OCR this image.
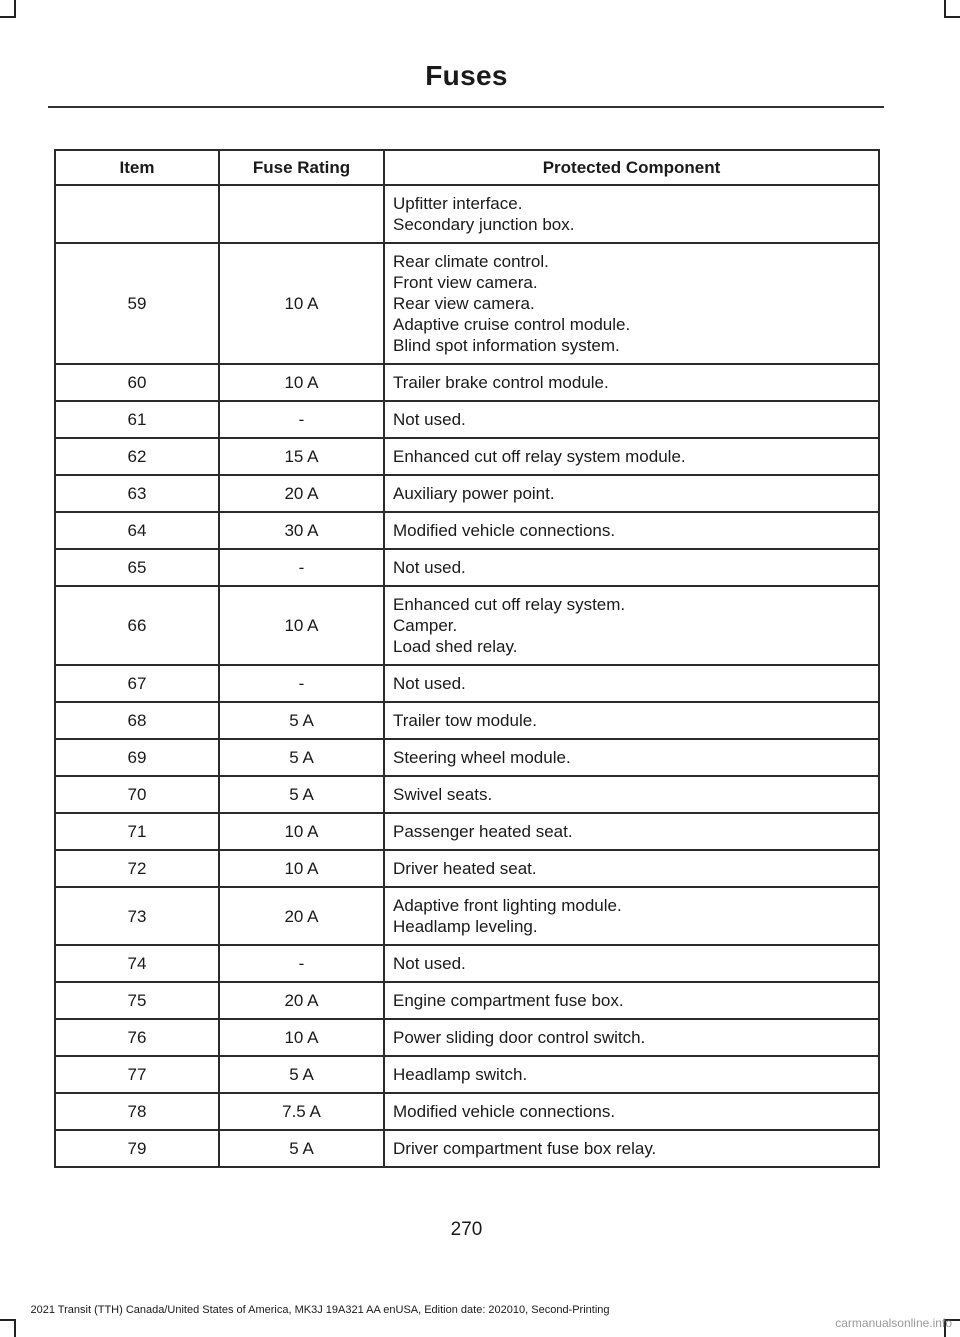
Fuses
Item	Fuse Rating	Protected Component

		Upfitter interface.
Secondary junction box.

59	10 A	Rear climate control.
Front view camera.
Rear view camera.
Adaptive cruise control module.
Blind spot information system.

60	10 A	Trailer brake control module.

61	-	Not used.

62	15 A	Enhanced cut off relay system module.

63	20 A	Auxiliary power point.

64	30 A	Modified vehicle connections.

65	-	Not used.

66	10 A	Enhanced cut off relay system.
Camper.
Load shed relay.

67	-	Not used.

68	5 A	Trailer tow module.

69	5 A	Steering wheel module.

70	5 A	Swivel seats.

71	10 A	Passenger heated seat.

72	10 A	Driver heated seat.

73	20 A	Adaptive front lighting module.
Headlamp leveling.

74	-	Not used.

75	20 A	Engine compartment fuse box.

76	10 A	Power sliding door control switch.

77	5 A	Headlamp switch.

78	7.5 A	Modified vehicle connections.

79	5 A	Driver compartment fuse box relay.
270
2021 Transit (TTH) Canada/United States of America, MK3J 19A321 AA enUSA, Edition date: 202010, Second-Printing
carmanualsonline.info
